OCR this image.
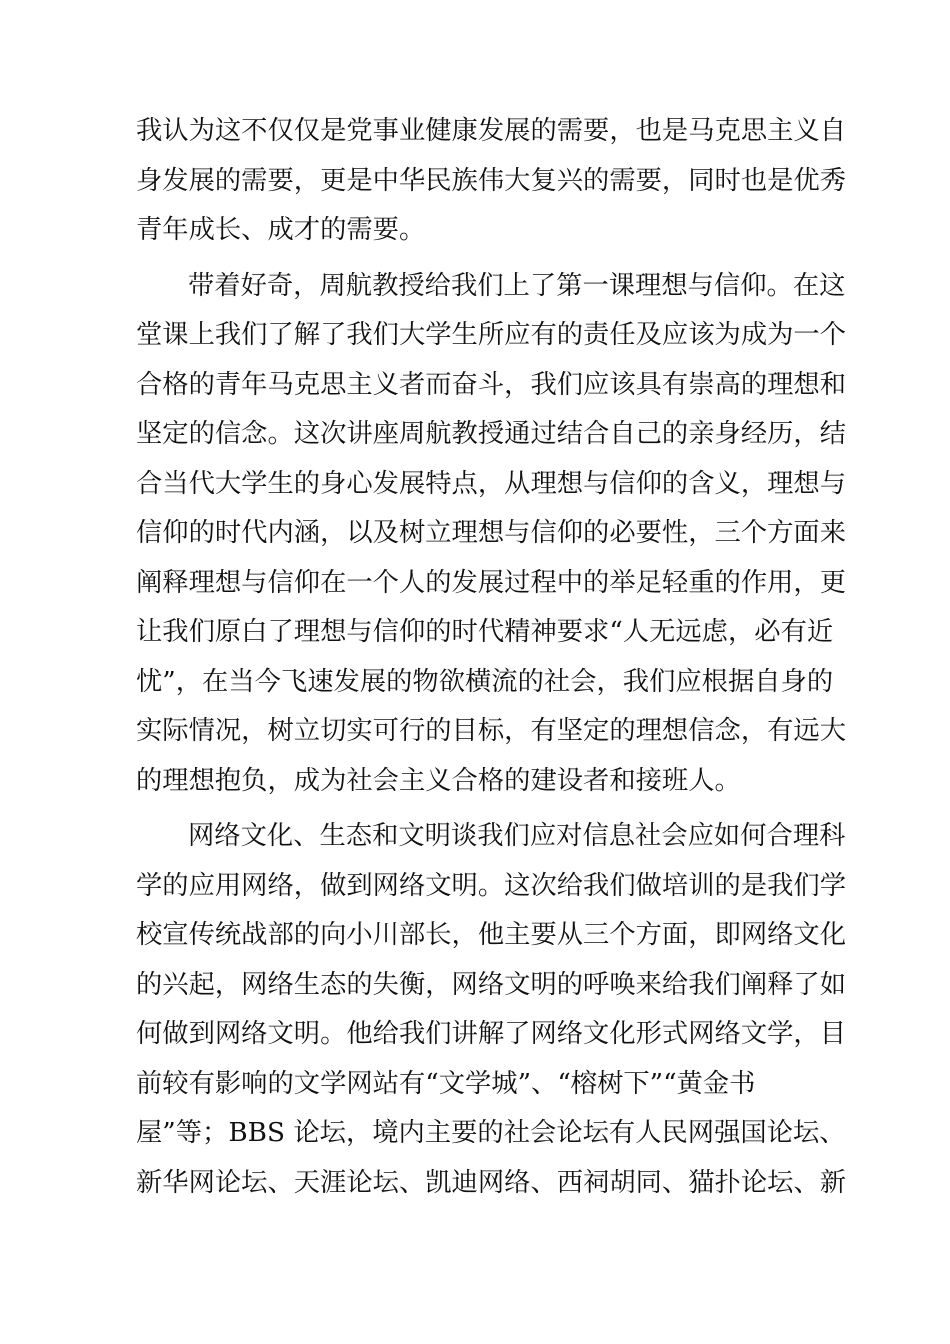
我认为这不仅仅是党事业健康发展的需要，也是马克思主义自
身发展的需要，更是中华民族伟大复兴的需要，同时也是优秀
青年成长、成才的需要。
带着好奇，周航教授给我们上了第一课理想与信仰。在这
堂课上我们了解了我们大学生所应有的责任及应该为成为一个
合格的青年马克思主义者而奋斗，我们应该具有崇高的理想和
坚定的信念。这次讲座周航教授通过结合自己的亲身经历，结
合当代大学生的身心发展特点，从理想与信仰的含义，理想与
信仰的时代内涵，以及树立理想与信仰的必要性，三个方面来
阐释理想与信仰在一个人的发展过程中的举足轻重的作用，更
让我们原白了理想与信仰的时代精神要求“人无远虑，必有近
忧”，在当今飞速发展的物欲横流的社会，我们应根据自身的
实际情况，树立切实可行的目标，有坚定的理想信念，有远大
的理想抱负，成为社会主义合格的建设者和接班人。
网络文化、生态和文明谈我们应对信息社会应如何合理科
学的应用网络，做到网络文明。这次给我们做培训的是我们学
校宣传统战部的向小川部长，他主要从三个方面，即网络文化
的兴起，网络生态的失衡，网络文明的呼唤来给我们阐释了如
何做到网络文明。他给我们讲解了网络文化形式网络文学，目
前较有影响的文学网站有“文学城”、“榕树下”“黄金书
屋”等；BBS 论坛，境内主要的社会论坛有人民网强国论坛、
新华网论坛、天涯论坛、凯迪网络、西祠胡同、猫扑论坛、新
